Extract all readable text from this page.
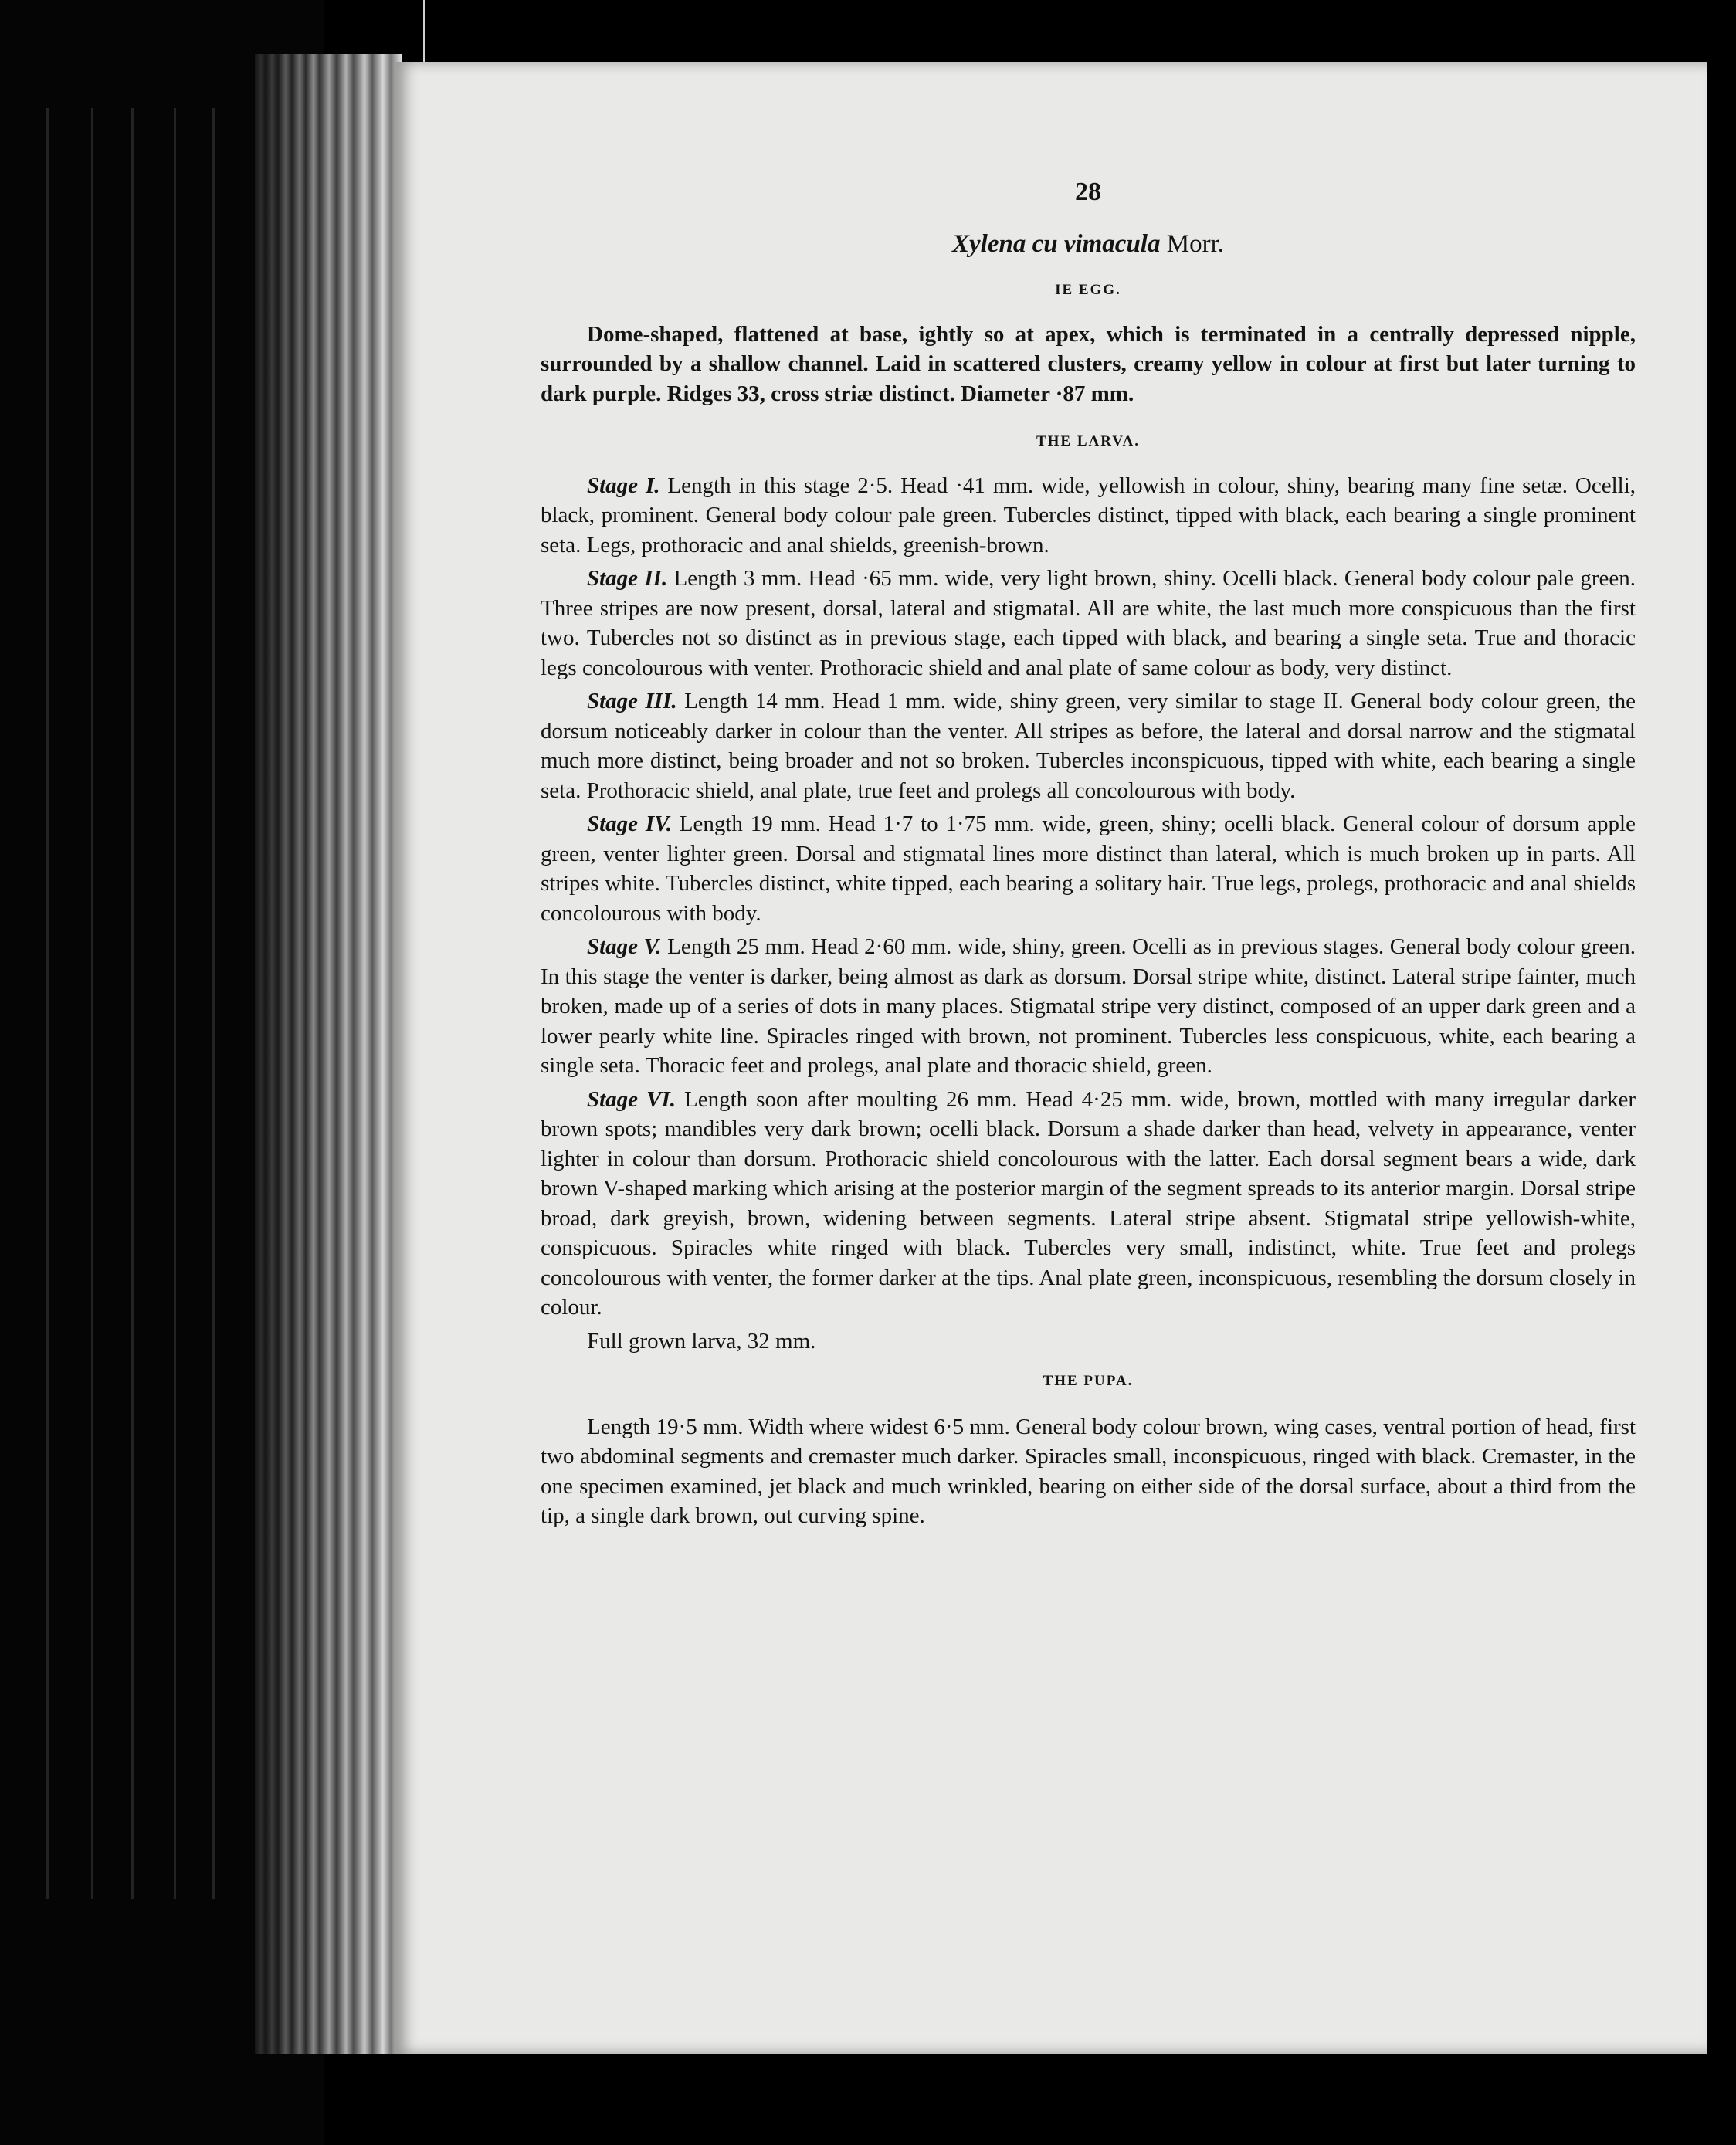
28
Xylena cu vimacula Morr.
IE EGG.

Dome-shaped, flattened at base, ightly so at apex, which is terminated in a centrally depressed nipple, surrounded by a shallow channel. Laid in scattered clusters, creamy yellow in colour at first but later turning to dark purple. Ridges 33, cross striæ distinct. Diameter ·87 mm.

THE LARVA.

Stage I. Length in this stage 2·5. Head ·41 mm. wide, yellowish in colour, shiny, bearing many fine setæ. Ocelli, black, prominent. General body colour pale green. Tubercles distinct, tipped with black, each bearing a single prominent seta. Legs, prothoracic and anal shields, greenish-brown.

Stage II. Length 3 mm. Head ·65 mm. wide, very light brown, shiny. Ocelli black. General body colour pale green. Three stripes are now present, dorsal, lateral and stigmatal. All are white, the last much more conspicuous than the first two. Tubercles not so distinct as in previous stage, each tipped with black, and bearing a single seta. True and thoracic legs concolourous with venter. Prothoracic shield and anal plate of same colour as body, very distinct.

Stage III. Length 14 mm. Head 1 mm. wide, shiny green, very similar to stage II. General body colour green, the dorsum noticeably darker in colour than the venter. All stripes as before, the lateral and dorsal narrow and the stigmatal much more distinct, being broader and not so broken. Tubercles inconspicuous, tipped with white, each bearing a single seta. Prothoracic shield, anal plate, true feet and prolegs all concolourous with body.

Stage IV. Length 19 mm. Head 1·7 to 1·75 mm. wide, green, shiny; ocelli black. General colour of dorsum apple green, venter lighter green. Dorsal and stigmatal lines more distinct than lateral, which is much broken up in parts. All stripes white. Tubercles distinct, white tipped, each bearing a solitary hair. True legs, prolegs, prothoracic and anal shields concolourous with body.

Stage V. Length 25 mm. Head 2·60 mm. wide, shiny, green. Ocelli as in previous stages. General body colour green. In this stage the venter is darker, being almost as dark as dorsum. Dorsal stripe white, distinct. Lateral stripe fainter, much broken, made up of a series of dots in many places. Stigmatal stripe very distinct, composed of an upper dark green and a lower pearly white line. Spiracles ringed with brown, not prominent. Tubercles less conspicuous, white, each bearing a single seta. Thoracic feet and prolegs, anal plate and thoracic shield, green.

Stage VI. Length soon after moulting 26 mm. Head 4·25 mm. wide, brown, mottled with many irregular darker brown spots; mandibles very dark brown; ocelli black. Dorsum a shade darker than head, velvety in appearance, venter lighter in colour than dorsum. Prothoracic shield concolourous with the latter. Each dorsal segment bears a wide, dark brown V-shaped marking which arising at the posterior margin of the segment spreads to its anterior margin. Dorsal stripe broad, dark greyish, brown, widening between segments. Lateral stripe absent. Stigmatal stripe yellowish-white, conspicuous. Spiracles white ringed with black. Tubercles very small, indistinct, white. True feet and prolegs concolourous with venter, the former darker at the tips. Anal plate green, inconspicuous, resembling the dorsum closely in colour.

Full grown larva, 32 mm.

THE PUPA.

Length 19·5 mm. Width where widest 6·5 mm. General body colour brown, wing cases, ventral portion of head, first two abdominal segments and cremaster much darker. Spiracles small, inconspicuous, ringed with black. Cremaster, in the one specimen examined, jet black and much wrinkled, bearing on either side of the dorsal surface, about a third from the tip, a single dark brown, out curving spine.
